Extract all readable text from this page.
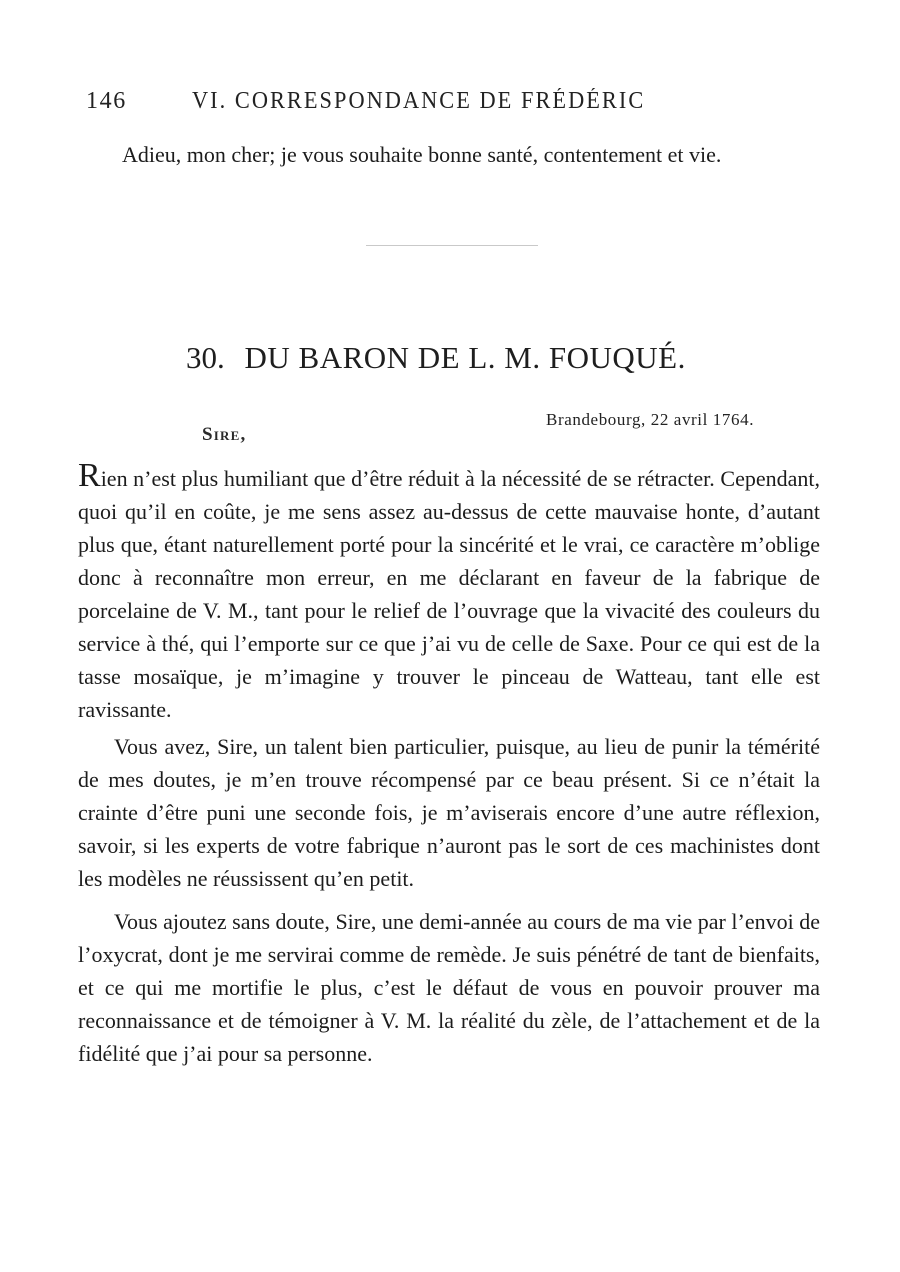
146	VI. CORRESPONDANCE DE FRÉDÉRIC

Adieu, mon cher; je vous souhaite bonne santé, contentement et vie.

30. DU BARON DE L. M. FOUQUÉ.
Brandebourg, 22 avril 1764.
Sire,

Rien n’est plus humiliant que d’être réduit à la nécessité de se rétracter. Cependant, quoi qu’il en coûte, je me sens assez au-dessus de cette mauvaise honte, d’autant plus que, étant naturellement porté pour la sincérité et le vrai, ce caractère m’oblige donc à reconnaître mon erreur, en me déclarant en faveur de la fabrique de porcelaine de V. M., tant pour le relief de l’ouvrage que la vivacité des couleurs du service à thé, qui l’emporte sur ce que j’ai vu de celle de Saxe. Pour ce qui est de la tasse mosaïque, je m’imagine y trouver le pinceau de Watteau, tant elle est ravissante.

Vous avez, Sire, un talent bien particulier, puisque, au lieu de punir la témérité de mes doutes, je m’en trouve récompensé par ce beau présent. Si ce n’était la crainte d’être puni une seconde fois, je m’aviserais encore d’une autre réflexion, savoir, si les experts de votre fabrique n’auront pas le sort de ces machinistes dont les modèles ne réussissent qu’en petit.

Vous ajoutez sans doute, Sire, une demi-année au cours de ma vie par l’envoi de l’oxycrat, dont je me servirai comme de remède. Je suis pénétré de tant de bienfaits, et ce qui me mortifie le plus, c’est le défaut de vous en pouvoir prouver ma reconnaissance et de témoigner à V. M. la réalité du zèle, de l’attachement et de la fidélité que j’ai pour sa personne.
